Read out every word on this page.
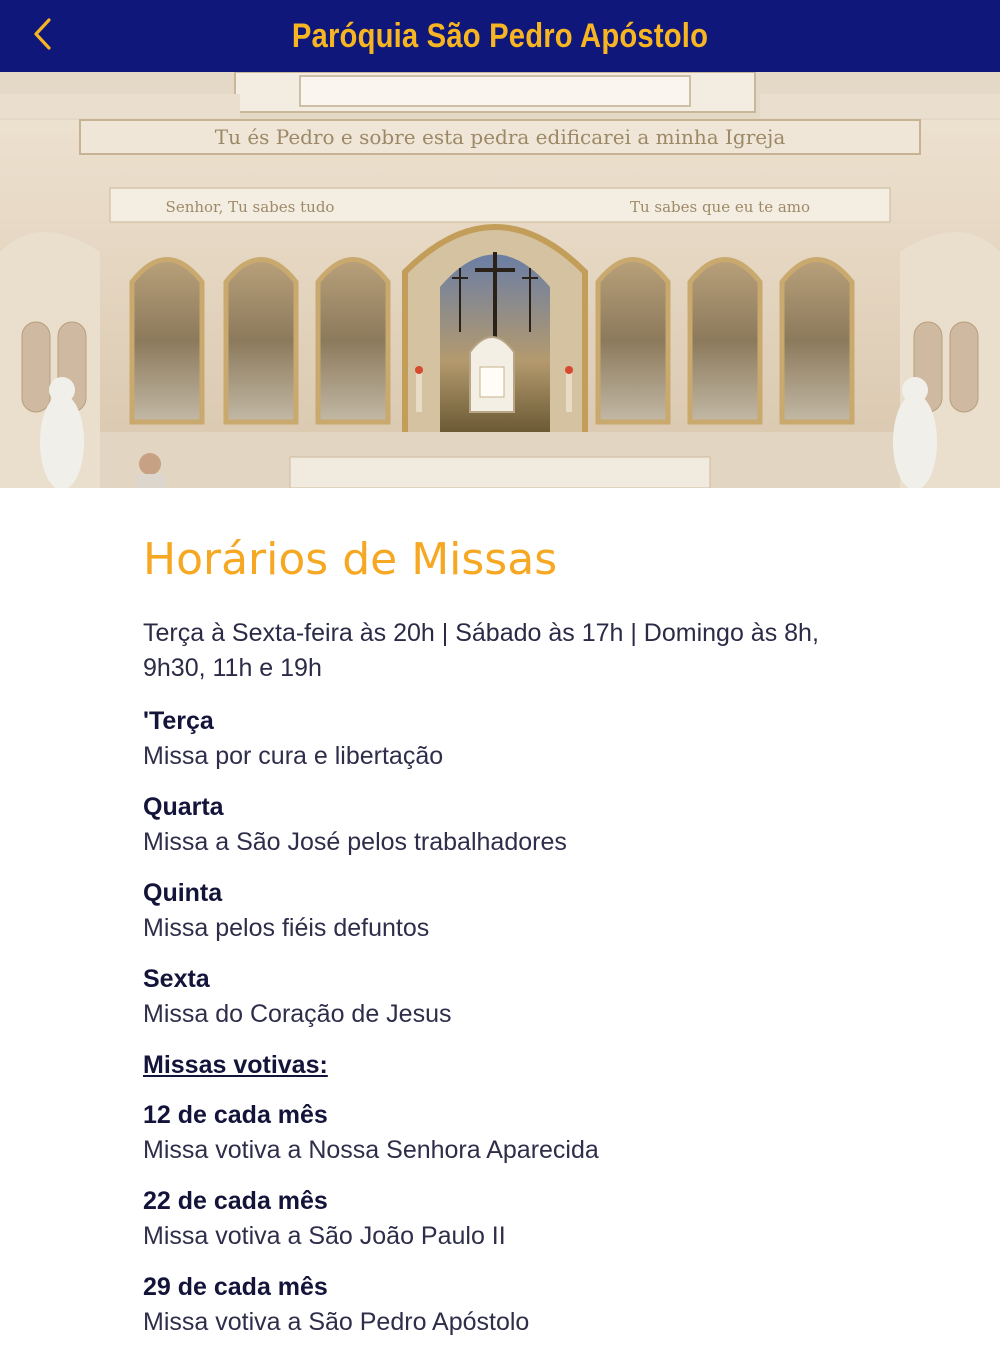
Paróquia São Pedro Apóstolo
Tu és Pedro e sobre esta pedra edificarei a minha Igreja
Senhor, Tu sabes tudo	Tu sabes que eu te amo
Horários de Missas
Terça à Sexta-feira às 20h | Sábado às 17h | Domingo às 8h, 9h30, 11h e 19h
'Terça
Missa por cura e libertação
Quarta
Missa a São José pelos trabalhadores
Quinta
Missa pelos fiéis defuntos
Sexta
Missa do Coração de Jesus
Missas votivas:
12 de cada mês
Missa votiva a Nossa Senhora Aparecida
22 de cada mês
Missa votiva a São João Paulo II
29 de cada mês
Missa votiva a São Pedro Apóstolo
